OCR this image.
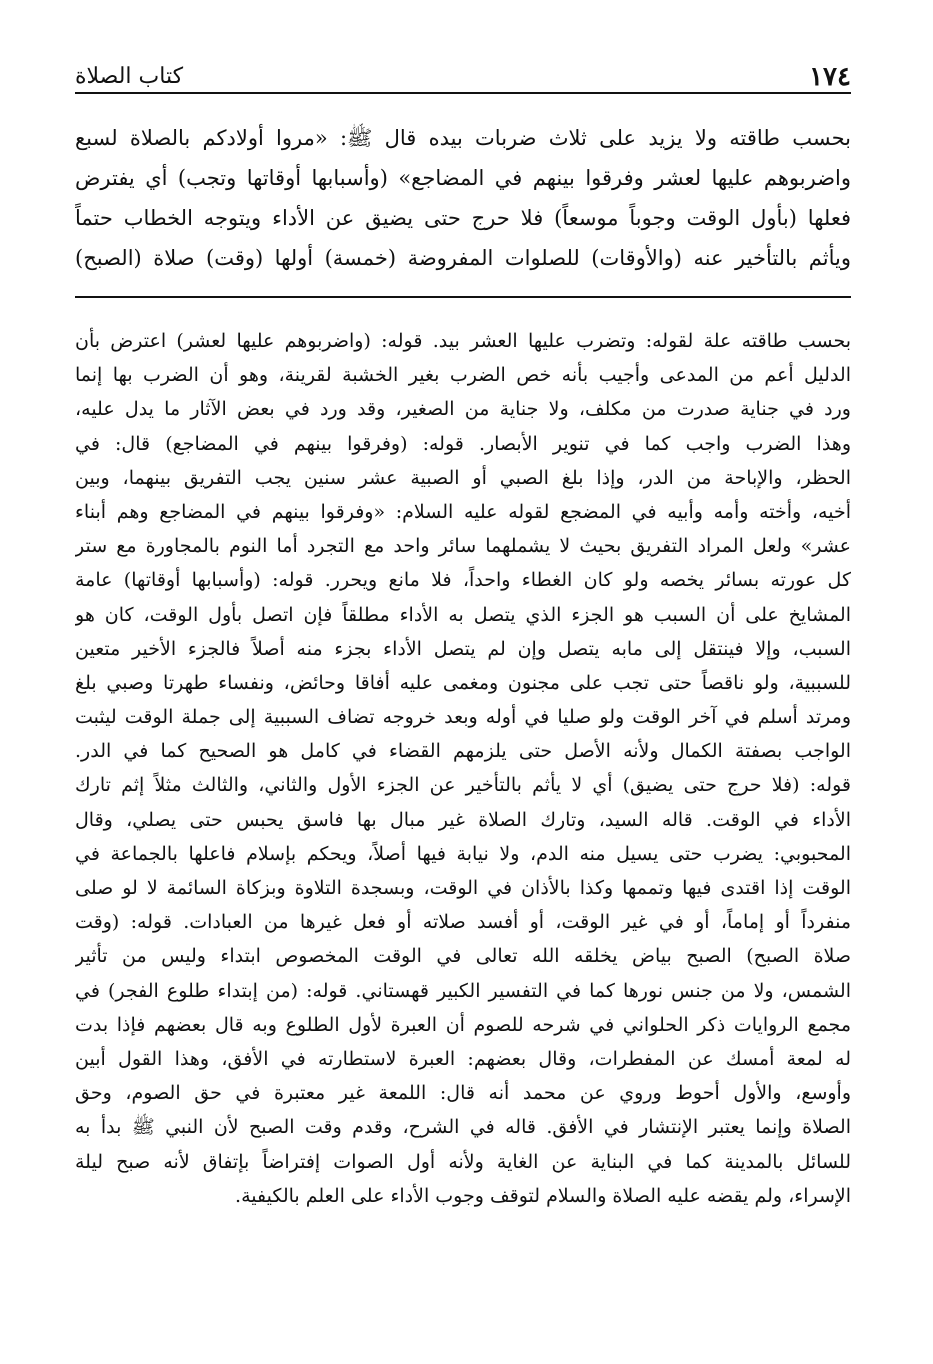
١٧٤
كتاب الصلاة
بحسب طاقته ولا يزيد على ثلاث ضربات بيده قال ﷺ: «مروا أولادكم بالصلاة لسبع
واضربوهم عليها لعشر وفرقوا بينهم في المضاجع» (وأسبابها أوقاتها وتجب) أي يفترض
فعلها (بأول الوقت وجوباً موسعاً) فلا حرج حتى يضيق عن الأداء ويتوجه الخطاب حتماً
ويأثم بالتأخير عنه (والأوقات) للصلوات المفروضة (خمسة) أولها (وقت) صلاة (الصبح)
بحسب طاقته علة لقوله: وتضرب عليها العشر بيد. قوله: (واضربوهم عليها لعشر) اعترض بأن
الدليل أعم من المدعى وأجيب بأنه خص الضرب بغير الخشبة لقرينة، وهو أن الضرب بها إنما
ورد في جناية صدرت من مكلف، ولا جناية من الصغير، وقد ورد في بعض الآثار ما يدل عليه،
وهذا الضرب واجب كما في تنوير الأبصار. قوله: (وفرقوا بينهم في المضاجع) قال: في
الحظر، والإباحة من الدر، وإذا بلغ الصبي أو الصبية عشر سنين يجب التفريق بينهما، وبين
أخيه، وأخته وأمه وأبيه في المضجع لقوله عليه السلام: «وفرقوا بينهم في المضاجع وهم أبناء
عشر» ولعل المراد التفريق بحيث لا يشملهما سائر واحد مع التجرد أما النوم بالمجاورة مع ستر
كل عورته بسائر يخصه ولو كان الغطاء واحداً، فلا مانع ويحرر. قوله: (وأسبابها أوقاتها) عامة
المشايخ على أن السبب هو الجزء الذي يتصل به الأداء مطلقاً فإن اتصل بأول الوقت، كان هو
السبب، وإلا فينتقل إلى مابه يتصل وإن لم يتصل الأداء بجزء منه أصلاً فالجزء الأخير متعين
للسببية، ولو ناقصاً حتى تجب على مجنون ومغمى عليه أفاقا وحائض، ونفساء طهرتا وصبي بلغ
ومرتد أسلم في آخر الوقت ولو صليا في أوله وبعد خروجه تضاف السببية إلى جملة الوقت ليثبت
الواجب بصفتة الكمال ولأنه الأصل حتى يلزمهم القضاء في كامل هو الصحيح كما في الدر.
قوله: (فلا حرج حتى يضيق) أي لا يأثم بالتأخير عن الجزء الأول والثاني، والثالث مثلاً إثم تارك
الأداء في الوقت. قاله السيد، وتارك الصلاة غير مبال بها فاسق يحبس حتى يصلي، وقال
المحبوبي: يضرب حتى يسيل منه الدم، ولا نيابة فيها أصلاً، ويحكم بإسلام فاعلها بالجماعة في
الوقت إذا اقتدى فيها وتممها وكذا بالأذان في الوقت، وبسجدة التلاوة وبزكاة السائمة لا لو صلى
منفرداً أو إماماً، أو في غير الوقت، أو أفسد صلاته أو فعل غيرها من العبادات. قوله: (وقت
صلاة الصبح) الصبح بياض يخلقه الله تعالى في الوقت المخصوص ابتداء وليس من تأثير
الشمس، ولا من جنس نورها كما في التفسير الكبير قهستاني. قوله: (من إبتداء طلوع الفجر) في
مجمع الروايات ذكر الحلواني في شرحه للصوم أن العبرة لأول الطلوع وبه قال بعضهم فإذا بدت
له لمعة أمسك عن المفطرات، وقال بعضهم: العبرة لاستطارته في الأفق، وهذا القول أبين
وأوسع، والأول أحوط وروي عن محمد أنه قال: اللمعة غير معتبرة في حق الصوم، وحق
الصلاة وإنما يعتبر الإنتشار في الأفق. قاله في الشرح، وقدم وقت الصبح لأن النبي ﷺ بدأ به
للسائل بالمدينة كما في البناية عن الغاية ولأنه أول الصوات إفتراضاً بإتفاق لأنه صبح ليلة
الإسراء، ولم يقضه عليه الصلاة والسلام لتوقف وجوب الأداء على العلم بالكيفية.
